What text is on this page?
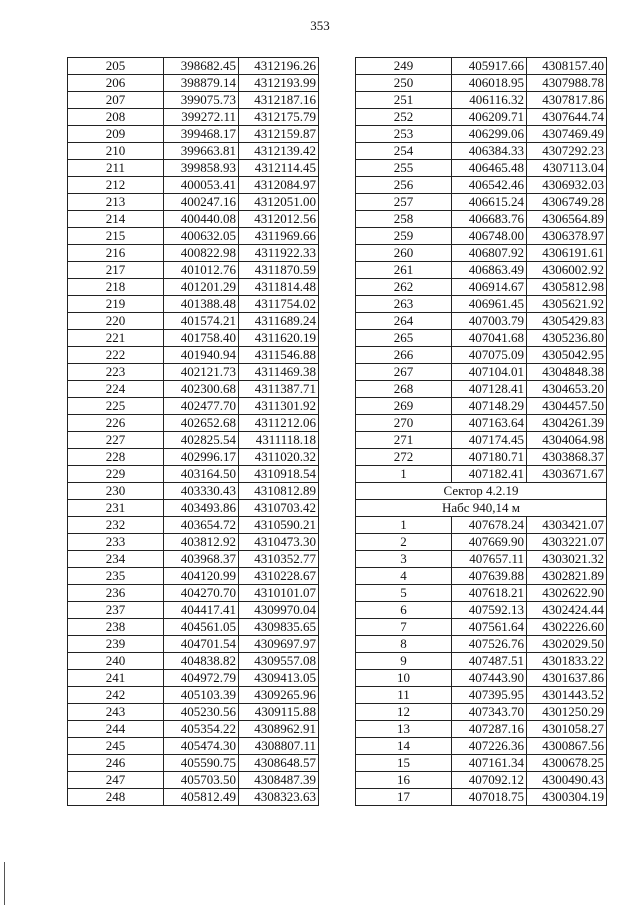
353
205	398682.45	4312196.26
206	398879.14	4312193.99
207	399075.73	4312187.16
208	399272.11	4312175.79
209	399468.17	4312159.87
210	399663.81	4312139.42
211	399858.93	4312114.45
212	400053.41	4312084.97
213	400247.16	4312051.00
214	400440.08	4312012.56
215	400632.05	4311969.66
216	400822.98	4311922.33
217	401012.76	4311870.59
218	401201.29	4311814.48
219	401388.48	4311754.02
220	401574.21	4311689.24
221	401758.40	4311620.19
222	401940.94	4311546.88
223	402121.73	4311469.38
224	402300.68	4311387.71
225	402477.70	4311301.92
226	402652.68	4311212.06
227	402825.54	4311118.18
228	402996.17	4311020.32
229	403164.50	4310918.54
230	403330.43	4310812.89
231	403493.86	4310703.42
232	403654.72	4310590.21
233	403812.92	4310473.30
234	403968.37	4310352.77
235	404120.99	4310228.67
236	404270.70	4310101.07
237	404417.41	4309970.04
238	404561.05	4309835.65
239	404701.54	4309697.97
240	404838.82	4309557.08
241	404972.79	4309413.05
242	405103.39	4309265.96
243	405230.56	4309115.88
244	405354.22	4308962.91
245	405474.30	4308807.11
246	405590.75	4308648.57
247	405703.50	4308487.39
248	405812.49	4308323.63
249	405917.66	4308157.40
250	406018.95	4307988.78
251	406116.32	4307817.86
252	406209.71	4307644.74
253	406299.06	4307469.49
254	406384.33	4307292.23
255	406465.48	4307113.04
256	406542.46	4306932.03
257	406615.24	4306749.28
258	406683.76	4306564.89
259	406748.00	4306378.97
260	406807.92	4306191.61
261	406863.49	4306002.92
262	406914.67	4305812.98
263	406961.45	4305621.92
264	407003.79	4305429.83
265	407041.68	4305236.80
266	407075.09	4305042.95
267	407104.01	4304848.38
268	407128.41	4304653.20
269	407148.29	4304457.50
270	407163.64	4304261.39
271	407174.45	4304064.98
272	407180.71	4303868.37
1	407182.41	4303671.67
Сектор 4.2.19		
Набс 940,14 м		
1	407678.24	4303421.07
2	407669.90	4303221.07
3	407657.11	4303021.32
4	407639.88	4302821.89
5	407618.21	4302622.90
6	407592.13	4302424.44
7	407561.64	4302226.60
8	407526.76	4302029.50
9	407487.51	4301833.22
10	407443.90	4301637.86
11	407395.95	4301443.52
12	407343.70	4301250.29
13	407287.16	4301058.27
14	407226.36	4300867.56
15	407161.34	4300678.25
16	407092.12	4300490.43
17	407018.75	4300304.19
